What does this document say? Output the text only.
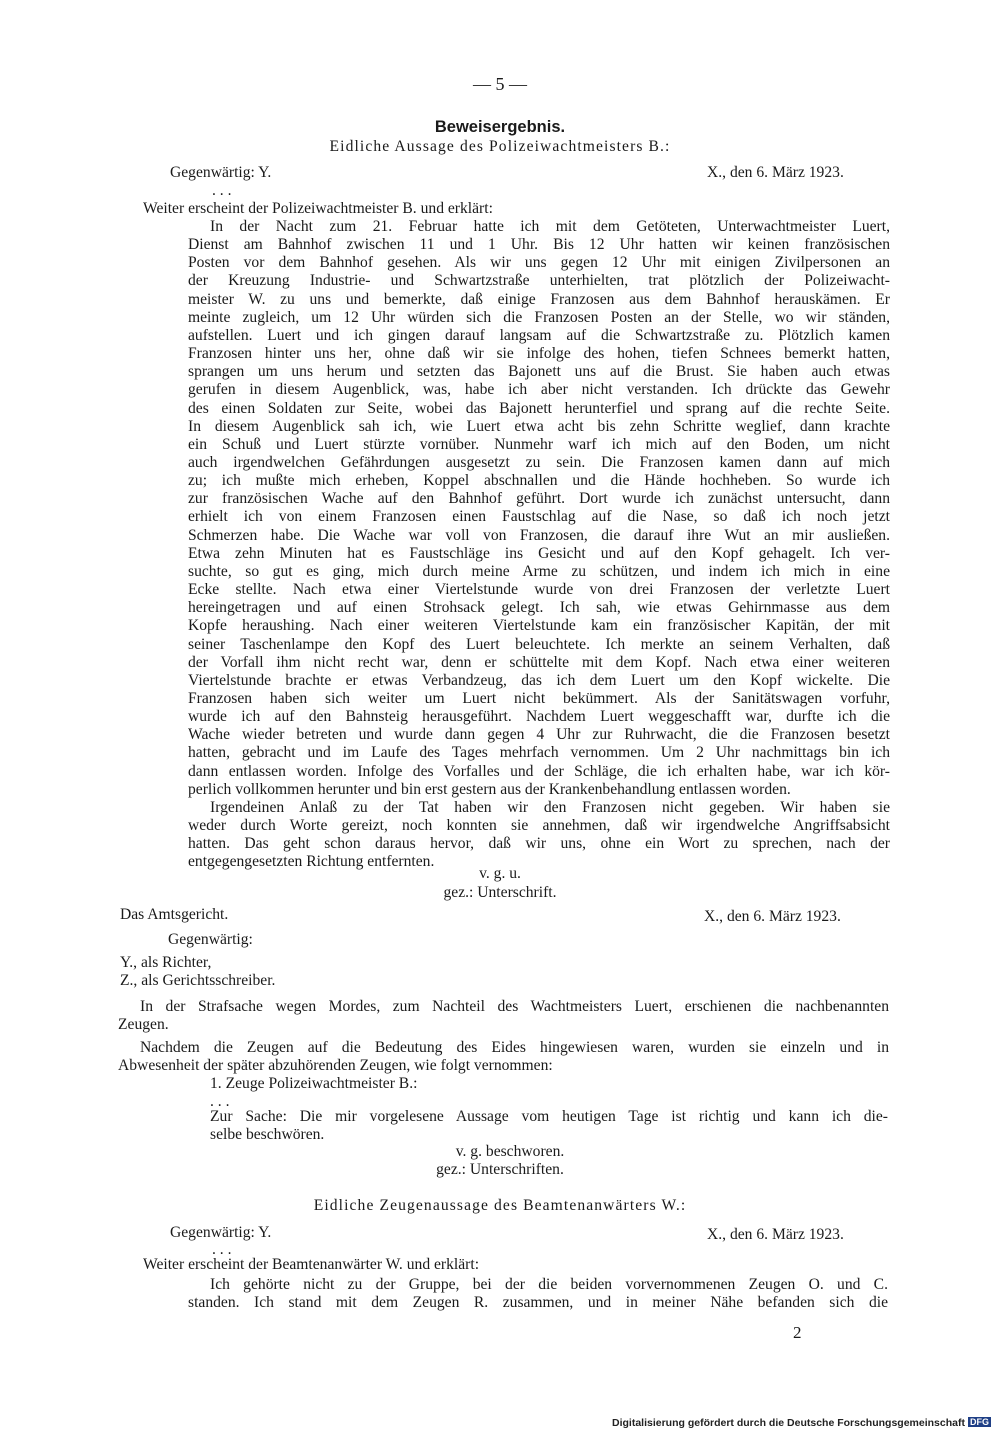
— 5 —
Beweisergebnis.
Eidliche Aussage des Polizeiwachtmeisters B.:
Gegenwärtig: Y.	X., den 6. März 1923.
. . .
Weiter erscheint der Polizeiwachtmeister B. und erklärt:
In der Nacht zum 21. Februar hatte ich mit dem Getöteten, Unterwachtmeister Luert,
Dienst am Bahnhof zwischen 11 und 1 Uhr. Bis 12 Uhr hatten wir keinen französischen
Posten vor dem Bahnhof gesehen. Als wir uns gegen 12 Uhr mit einigen Zivilpersonen an
der Kreuzung Industrie- und Schwartzstraße unterhielten, trat plötzlich der Polizeiwacht-
meister W. zu uns und bemerkte, daß einige Franzosen aus dem Bahnhof herauskämen. Er
meinte zugleich, um 12 Uhr würden sich die Franzosen Posten an der Stelle, wo wir ständen,
aufstellen. Luert und ich gingen darauf langsam auf die Schwartzstraße zu. Plötzlich kamen
Franzosen hinter uns her, ohne daß wir sie infolge des hohen, tiefen Schnees bemerkt hatten,
sprangen um uns herum und setzten das Bajonett uns auf die Brust. Sie haben auch etwas
gerufen in diesem Augenblick, was, habe ich aber nicht verstanden. Ich drückte das Gewehr
des einen Soldaten zur Seite, wobei das Bajonett herunterfiel und sprang auf die rechte Seite.
In diesem Augenblick sah ich, wie Luert etwa acht bis zehn Schritte weglief, dann krachte
ein Schuß und Luert stürzte vornüber. Nunmehr warf ich mich auf den Boden, um nicht
auch irgendwelchen Gefährdungen ausgesetzt zu sein. Die Franzosen kamen dann auf mich
zu; ich mußte mich erheben, Koppel abschnallen und die Hände hochheben. So wurde ich
zur französischen Wache auf den Bahnhof geführt. Dort wurde ich zunächst untersucht, dann
erhielt ich von einem Franzosen einen Faustschlag auf die Nase, so daß ich noch jetzt
Schmerzen habe. Die Wache war voll von Franzosen, die darauf ihre Wut an mir ausließen.
Etwa zehn Minuten hat es Faustschläge ins Gesicht und auf den Kopf gehagelt. Ich ver-
suchte, so gut es ging, mich durch meine Arme zu schützen, und indem ich mich in eine
Ecke stellte. Nach etwa einer Viertelstunde wurde von drei Franzosen der verletzte Luert
hereingetragen und auf einen Strohsack gelegt. Ich sah, wie etwas Gehirnmasse aus dem
Kopfe heraushing. Nach einer weiteren Viertelstunde kam ein französischer Kapitän, der mit
seiner Taschenlampe den Kopf des Luert beleuchtete. Ich merkte an seinem Verhalten, daß
der Vorfall ihm nicht recht war, denn er schüttelte mit dem Kopf. Nach etwa einer weiteren
Viertelstunde brachte er etwas Verbandzeug, das ich dem Luert um den Kopf wickelte. Die
Franzosen haben sich weiter um Luert nicht bekümmert. Als der Sanitätswagen vorfuhr,
wurde ich auf den Bahnsteig herausgeführt. Nachdem Luert weggeschafft war, durfte ich die
Wache wieder betreten und wurde dann gegen 4 Uhr zur Ruhrwacht, die die Franzosen besetzt
hatten, gebracht und im Laufe des Tages mehrfach vernommen. Um 2 Uhr nachmittags bin ich
dann entlassen worden. Infolge des Vorfalles und der Schläge, die ich erhalten habe, war ich kör-
perlich vollkommen herunter und bin erst gestern aus der Krankenbehandlung entlassen worden.
Irgendeinen Anlaß zu der Tat haben wir den Franzosen nicht gegeben. Wir haben sie
weder durch Worte gereizt, noch konnten sie annehmen, daß wir irgendwelche Angriffsabsicht
hatten. Das geht schon daraus hervor, daß wir uns, ohne ein Wort zu sprechen, nach der
entgegengesetzten Richtung entfernten.
v. g. u.
gez.: Unterschrift.
Das Amtsgericht.	X., den 6. März 1923.
Gegenwärtig:
Y., als Richter,
Z., als Gerichtsschreiber.
In der Strafsache wegen Mordes, zum Nachteil des Wachtmeisters Luert, erschienen die nachbenannten
Zeugen.
Nachdem die Zeugen auf die Bedeutung des Eides hingewiesen waren, wurden sie einzeln und in
Abwesenheit der später abzuhörenden Zeugen, wie folgt vernommen:
1. Zeuge Polizeiwachtmeister B.:
. . .
Zur Sache: Die mir vorgelesene Aussage vom heutigen Tage ist richtig und kann ich die-
selbe beschwören.
v. g. beschworen.
gez.: Unterschriften.
Eidliche Zeugenaussage des Beamtenanwärters W.:
Gegenwärtig: Y.	X., den 6. März 1923.
. . .
Weiter erscheint der Beamtenanwärter W. und erklärt:
Ich gehörte nicht zu der Gruppe, bei der die beiden vorvernommenen Zeugen O. und C.
standen. Ich stand mit dem Zeugen R. zusammen, und in meiner Nähe befanden sich die
2
Digitalisierung gefördert durch die Deutsche Forschungsgemeinschaft DFG
